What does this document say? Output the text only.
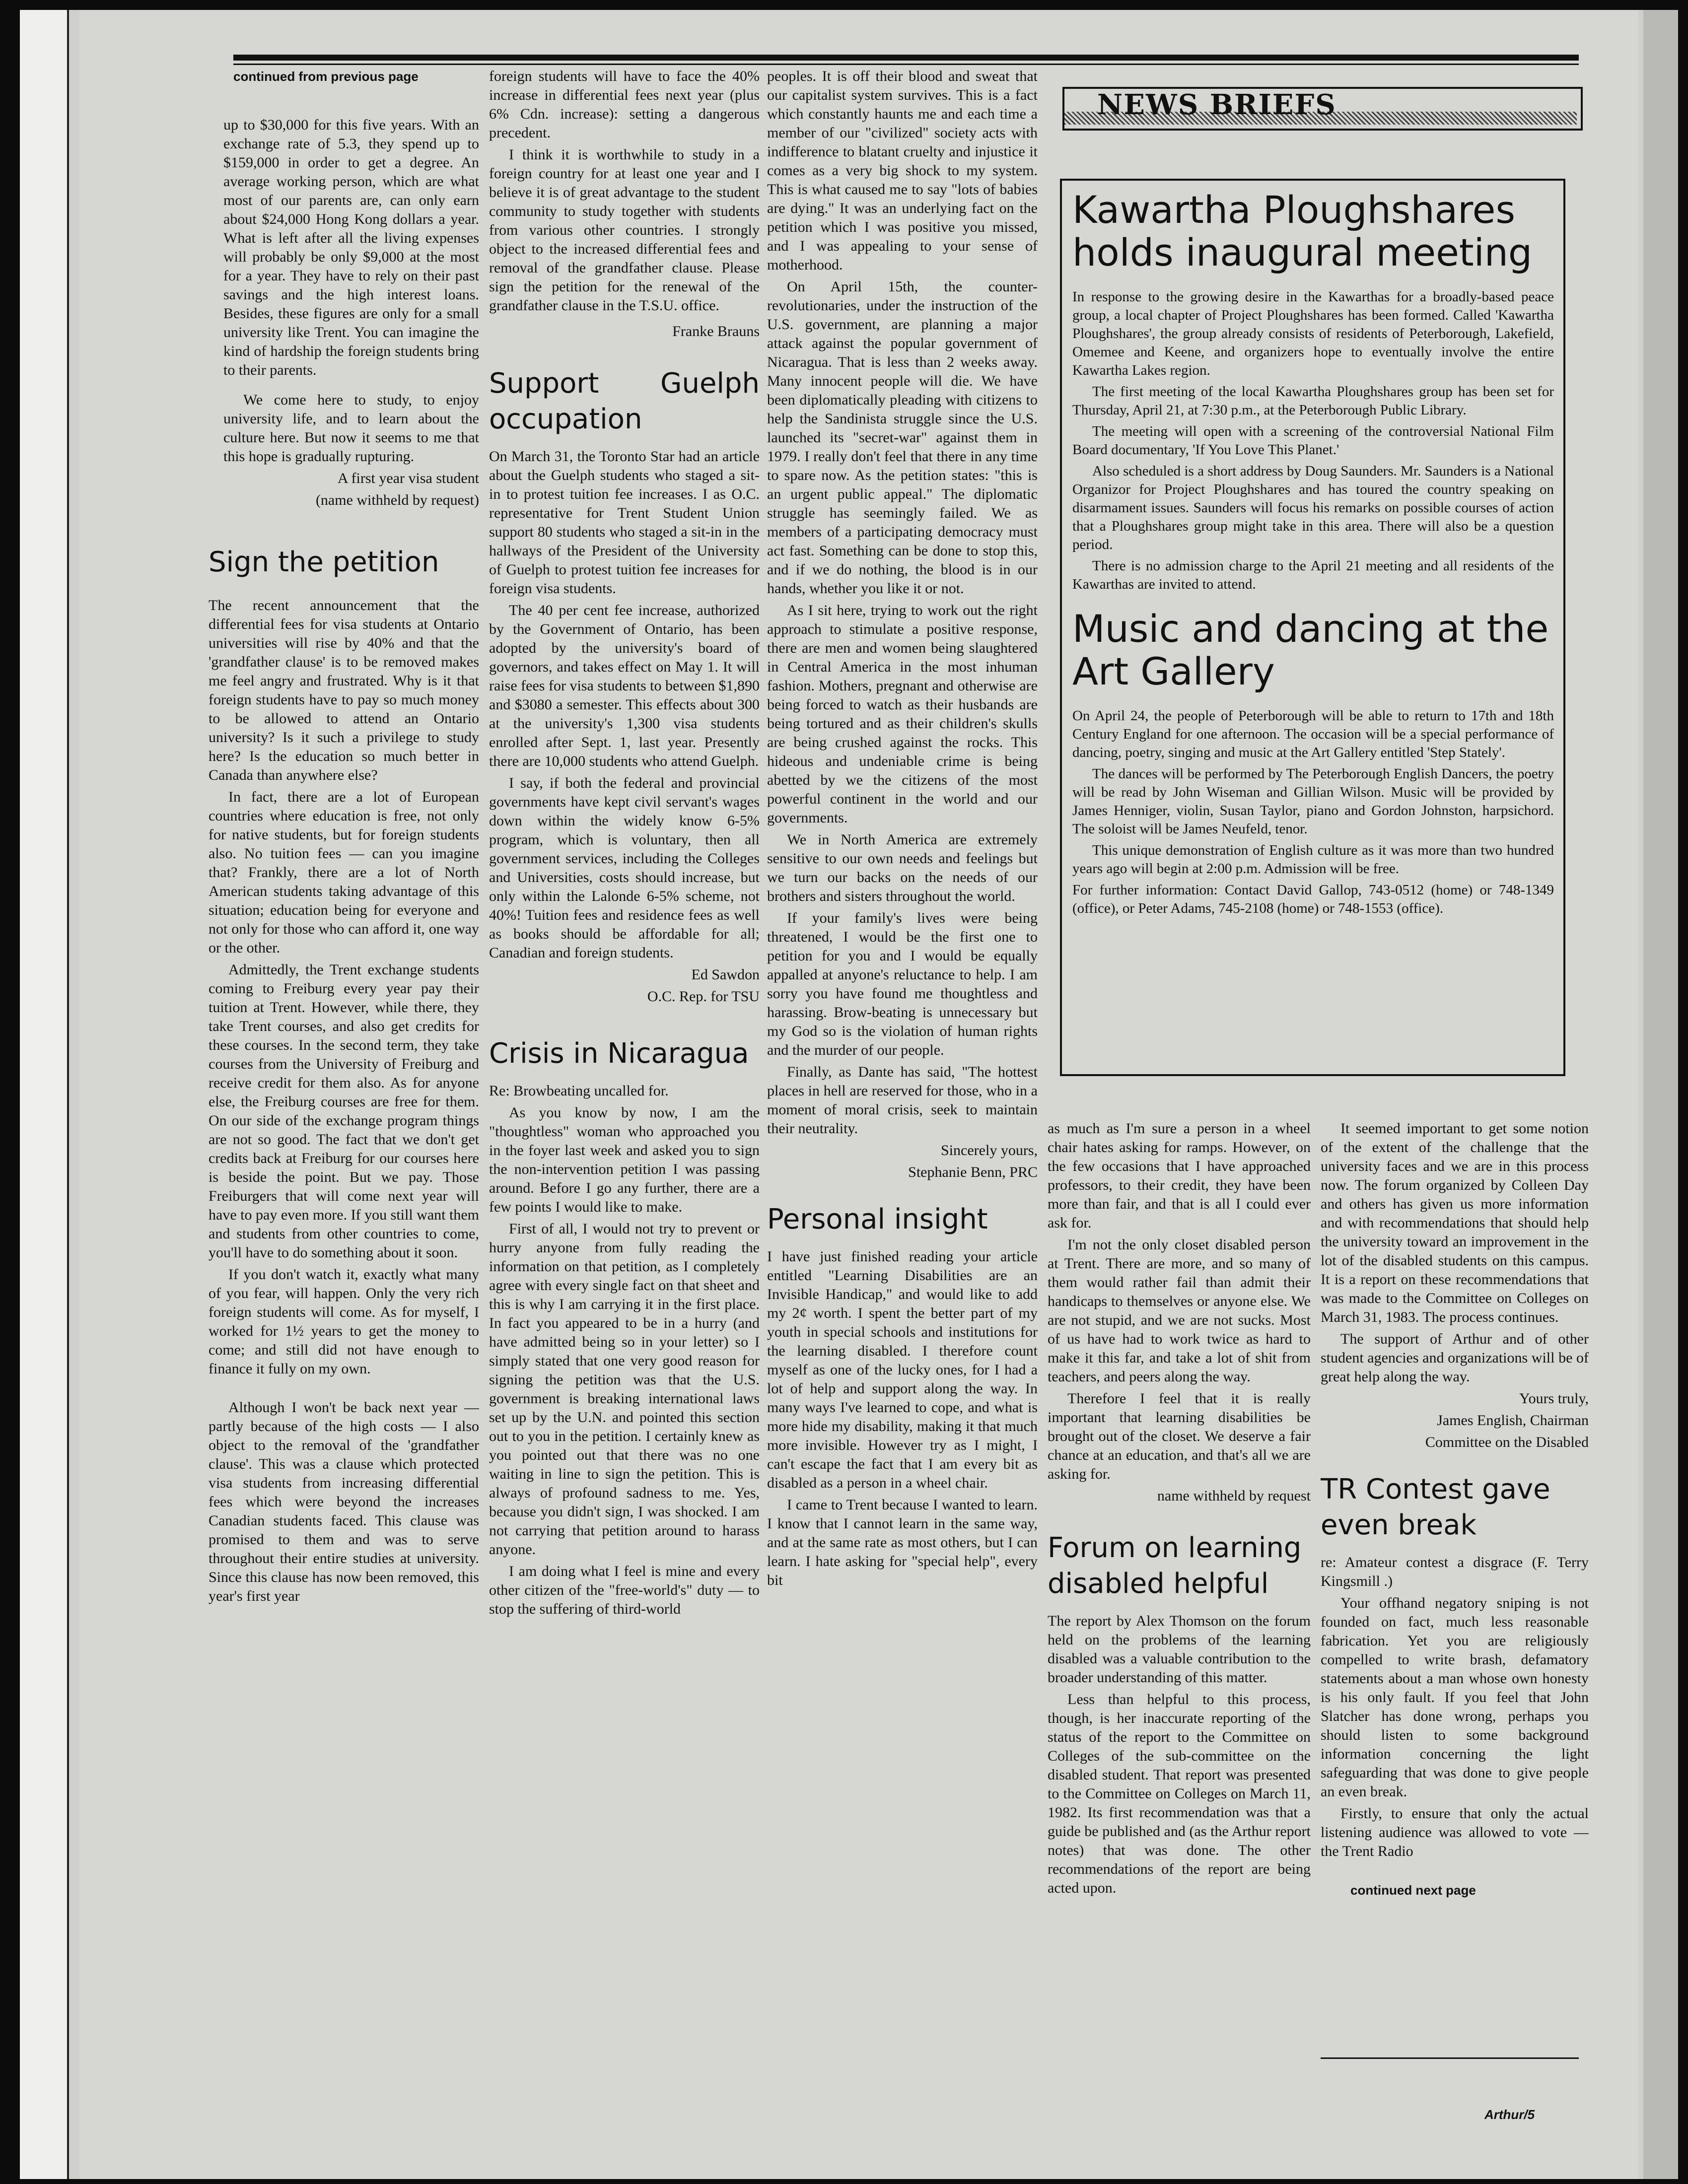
continued from previous page

up to $30,000 for this five years. With an exchange rate of 5.3, they spend up to $159,000 in order to get a degree. An average working person, which are what most of our parents are, can only earn about $24,000 Hong Kong dollars a year. What is left after all the living expenses will probably be only $9,000 at the most for a year. They have to rely on their past savings and the high interest loans. Besides, these figures are only for a small university like Trent. You can imagine the kind of hardship the foreign students bring to their parents.

We come here to study, to enjoy university life, and to learn about the culture here. But now it seems to me that this hope is gradually rupturing.

A first year visa student

(name withheld by request)

Sign the petition

The recent announcement that the differential fees for visa students at Ontario universities will rise by 40% and that the 'grandfather clause' is to be removed makes me feel angry and frustrated. Why is it that foreign students have to pay so much money to be allowed to attend an Ontario university? Is it such a privilege to study here? Is the education so much better in Canada than anywhere else?

In fact, there are a lot of European countries where education is free, not only for native students, but for foreign students also. No tuition fees — can you imagine that? Frankly, there are a lot of North American students taking advantage of this situation; education being for everyone and not only for those who can afford it, one way or the other.

Admittedly, the Trent exchange students coming to Freiburg every year pay their tuition at Trent. However, while there, they take Trent courses, and also get credits for these courses. In the second term, they take courses from the University of Freiburg and receive credit for them also. As for anyone else, the Freiburg courses are free for them. On our side of the exchange program things are not so good. The fact that we don't get credits back at Freiburg for our courses here is beside the point. But we pay. Those Freiburgers that will come next year will have to pay even more. If you still want them and students from other countries to come, you'll have to do something about it soon.

If you don't watch it, exactly what many of you fear, will happen. Only the very rich foreign students will come. As for myself, I worked for 1½ years to get the money to come; and still did not have enough to finance it fully on my own.

Although I won't be back next year — partly because of the high costs — I also object to the removal of the 'grandfather clause'. This was a clause which protected visa students from increasing differential fees which were beyond the increases Canadian students faced. This clause was promised to them and was to serve throughout their entire studies at university. Since this clause has now been removed, this year's first year

foreign students will have to face the 40% increase in differential fees next year (plus 6% Cdn. increase): setting a dangerous precedent.

I think it is worthwhile to study in a foreign country for at least one year and I believe it is of great advantage to the student community to study together with students from various other countries. I strongly object to the increased differential fees and removal of the grandfather clause. Please sign the petition for the renewal of the grandfather clause in the T.S.U. office.

Franke Brauns

Support Guelph occupation

On March 31, the Toronto Star had an article about the Guelph students who staged a sit-in to protest tuition fee increases. I as O.C. representative for Trent Student Union support 80 students who staged a sit-in in the hallways of the President of the University of Guelph to protest tuition fee increases for foreign visa students.

The 40 per cent fee increase, authorized by the Government of Ontario, has been adopted by the university's board of governors, and takes effect on May 1. It will raise fees for visa students to between $1,890 and $3080 a semester. This effects about 300 at the university's 1,300 visa students enrolled after Sept. 1, last year. Presently there are 10,000 students who attend Guelph.

I say, if both the federal and provincial governments have kept civil servant's wages down within the widely know 6-5% program, which is voluntary, then all government services, including the Colleges and Universities, costs should increase, but only within the Lalonde 6-5% scheme, not 40%! Tuition fees and residence fees as well as books should be affordable for all; Canadian and foreign students.

Ed Sawdon

O.C. Rep. for TSU

Crisis in Nicaragua

Re: Browbeating uncalled for.

As you know by now, I am the "thoughtless" woman who approached you in the foyer last week and asked you to sign the non-intervention petition I was passing around. Before I go any further, there are a few points I would like to make.

First of all, I would not try to prevent or hurry anyone from fully reading the information on that petition, as I completely agree with every single fact on that sheet and this is why I am carrying it in the first place. In fact you appeared to be in a hurry (and have admitted being so in your letter) so I simply stated that one very good reason for signing the petition was that the U.S. government is breaking international laws set up by the U.N. and pointed this section out to you in the petition. I certainly knew as you pointed out that there was no one waiting in line to sign the petition. This is always of profound sadness to me. Yes, because you didn't sign, I was shocked. I am not carrying that petition around to harass anyone.

I am doing what I feel is mine and every other citizen of the "free-world's" duty — to stop the suffering of third-world

peoples. It is off their blood and sweat that our capitalist system survives. This is a fact which constantly haunts me and each time a member of our "civilized" society acts with indifference to blatant cruelty and injustice it comes as a very big shock to my system. This is what caused me to say "lots of babies are dying." It was an underlying fact on the petition which I was positive you missed, and I was appealing to your sense of motherhood.

On April 15th, the counter-revolutionaries, under the instruction of the U.S. government, are planning a major attack against the popular government of Nicaragua. That is less than 2 weeks away. Many innocent people will die. We have been diplomatically pleading with citizens to help the Sandinista struggle since the U.S. launched its "secret-war" against them in 1979. I really don't feel that there in any time to spare now. As the petition states: "this is an urgent public appeal." The diplomatic struggle has seemingly failed. We as members of a participating democracy must act fast. Something can be done to stop this, and if we do nothing, the blood is in our hands, whether you like it or not.

As I sit here, trying to work out the right approach to stimulate a positive response, there are men and women being slaughtered in Central America in the most inhuman fashion. Mothers, pregnant and otherwise are being forced to watch as their husbands are being tortured and as their children's skulls are being crushed against the rocks. This hideous and undeniable crime is being abetted by we the citizens of the most powerful continent in the world and our governments.

We in North America are extremely sensitive to our own needs and feelings but we turn our backs on the needs of our brothers and sisters throughout the world.

If your family's lives were being threatened, I would be the first one to petition for you and I would be equally appalled at anyone's reluctance to help. I am sorry you have found me thoughtless and harassing. Brow-beating is unnecessary but my God so is the violation of human rights and the murder of our people.

Finally, as Dante has said, "The hottest places in hell are reserved for those, who in a moment of moral crisis, seek to maintain their neutrality.

Sincerely yours,

Stephanie Benn, PRC

Personal insight

I have just finished reading your article entitled "Learning Disabilities are an Invisible Handicap," and would like to add my 2¢ worth. I spent the better part of my youth in special schools and institutions for the learning disabled. I therefore count myself as one of the lucky ones, for I had a lot of help and support along the way. In many ways I've learned to cope, and what is more hide my disability, making it that much more invisible. However try as I might, I can't escape the fact that I am every bit as disabled as a person in a wheel chair.

I came to Trent because I wanted to learn. I know that I cannot learn in the same way, and at the same rate as most others, but I can learn. I hate asking for "special help", every bit

NEWS BRIEFS
Kawartha Ploughshares holds inaugural meeting

In response to the growing desire in the Kawarthas for a broadly-based peace group, a local chapter of Project Ploughshares has been formed. Called 'Kawartha Ploughshares', the group already consists of residents of Peterborough, Lakefield, Omemee and Keene, and organizers hope to eventually involve the entire Kawartha Lakes region.

The first meeting of the local Kawartha Ploughshares group has been set for Thursday, April 21, at 7:30 p.m., at the Peterborough Public Library.

The meeting will open with a screening of the controversial National Film Board documentary, 'If You Love This Planet.'

Also scheduled is a short address by Doug Saunders. Mr. Saunders is a National Organizor for Project Ploughshares and has toured the country speaking on disarmament issues. Saunders will focus his remarks on possible courses of action that a Ploughshares group might take in this area. There will also be a question period.

There is no admission charge to the April 21 meeting and all residents of the Kawarthas are invited to attend.

Music and dancing at the Art Gallery

On April 24, the people of Peterborough will be able to return to 17th and 18th Century England for one afternoon. The occasion will be a special performance of dancing, poetry, singing and music at the Art Gallery entitled 'Step Stately'.

The dances will be performed by The Peterborough English Dancers, the poetry will be read by John Wiseman and Gillian Wilson. Music will be provided by James Henniger, violin, Susan Taylor, piano and Gordon Johnston, harpsichord. The soloist will be James Neufeld, tenor.

This unique demonstration of English culture as it was more than two hundred years ago will begin at 2:00 p.m. Admission will be free.

For further information: Contact David Gallop, 743-0512 (home) or 748-1349 (office), or Peter Adams, 745-2108 (home) or 748-1553 (office).

as much as I'm sure a person in a wheel chair hates asking for ramps. However, on the few occasions that I have approached professors, to their credit, they have been more than fair, and that is all I could ever ask for.

I'm not the only closet disabled person at Trent. There are more, and so many of them would rather fail than admit their handicaps to themselves or anyone else. We are not stupid, and we are not sucks. Most of us have had to work twice as hard to make it this far, and take a lot of shit from teachers, and peers along the way.

Therefore I feel that it is really important that learning disabilities be brought out of the closet. We deserve a fair chance at an education, and that's all we are asking for.

name withheld by request

Forum on learning disabled helpful

The report by Alex Thomson on the forum held on the problems of the learning disabled was a valuable contribution to the broader understanding of this matter.

Less than helpful to this process, though, is her inaccurate reporting of the status of the report to the Committee on Colleges of the sub-committee on the disabled student. That report was presented to the Committee on Colleges on March 11, 1982. Its first recommendation was that a guide be published and (as the Arthur report notes) that was done. The other recommendations of the report are being acted upon.

It seemed important to get some notion of the extent of the challenge that the university faces and we are in this process now. The forum organized by Colleen Day and others has given us more information and with recommendations that should help the university toward an improvement in the lot of the disabled students on this campus. It is a report on these recommendations that was made to the Committee on Colleges on March 31, 1983. The process continues.

The support of Arthur and of other student agencies and organizations will be of great help along the way.

Yours truly,

James English, Chairman

Committee on the Disabled

TR Contest gave even break

re: Amateur contest a disgrace (F. Terry Kingsmill .)

Your offhand negatory sniping is not founded on fact, much less reasonable fabrication. Yet you are religiously compelled to write brash, defamatory statements about a man whose own honesty is his only fault. If you feel that John Slatcher has done wrong, perhaps you should listen to some background information concerning the light safeguarding that was done to give people an even break.

Firstly, to ensure that only the actual listening audience was allowed to vote — the Trent Radio

continued next page
Arthur/5
